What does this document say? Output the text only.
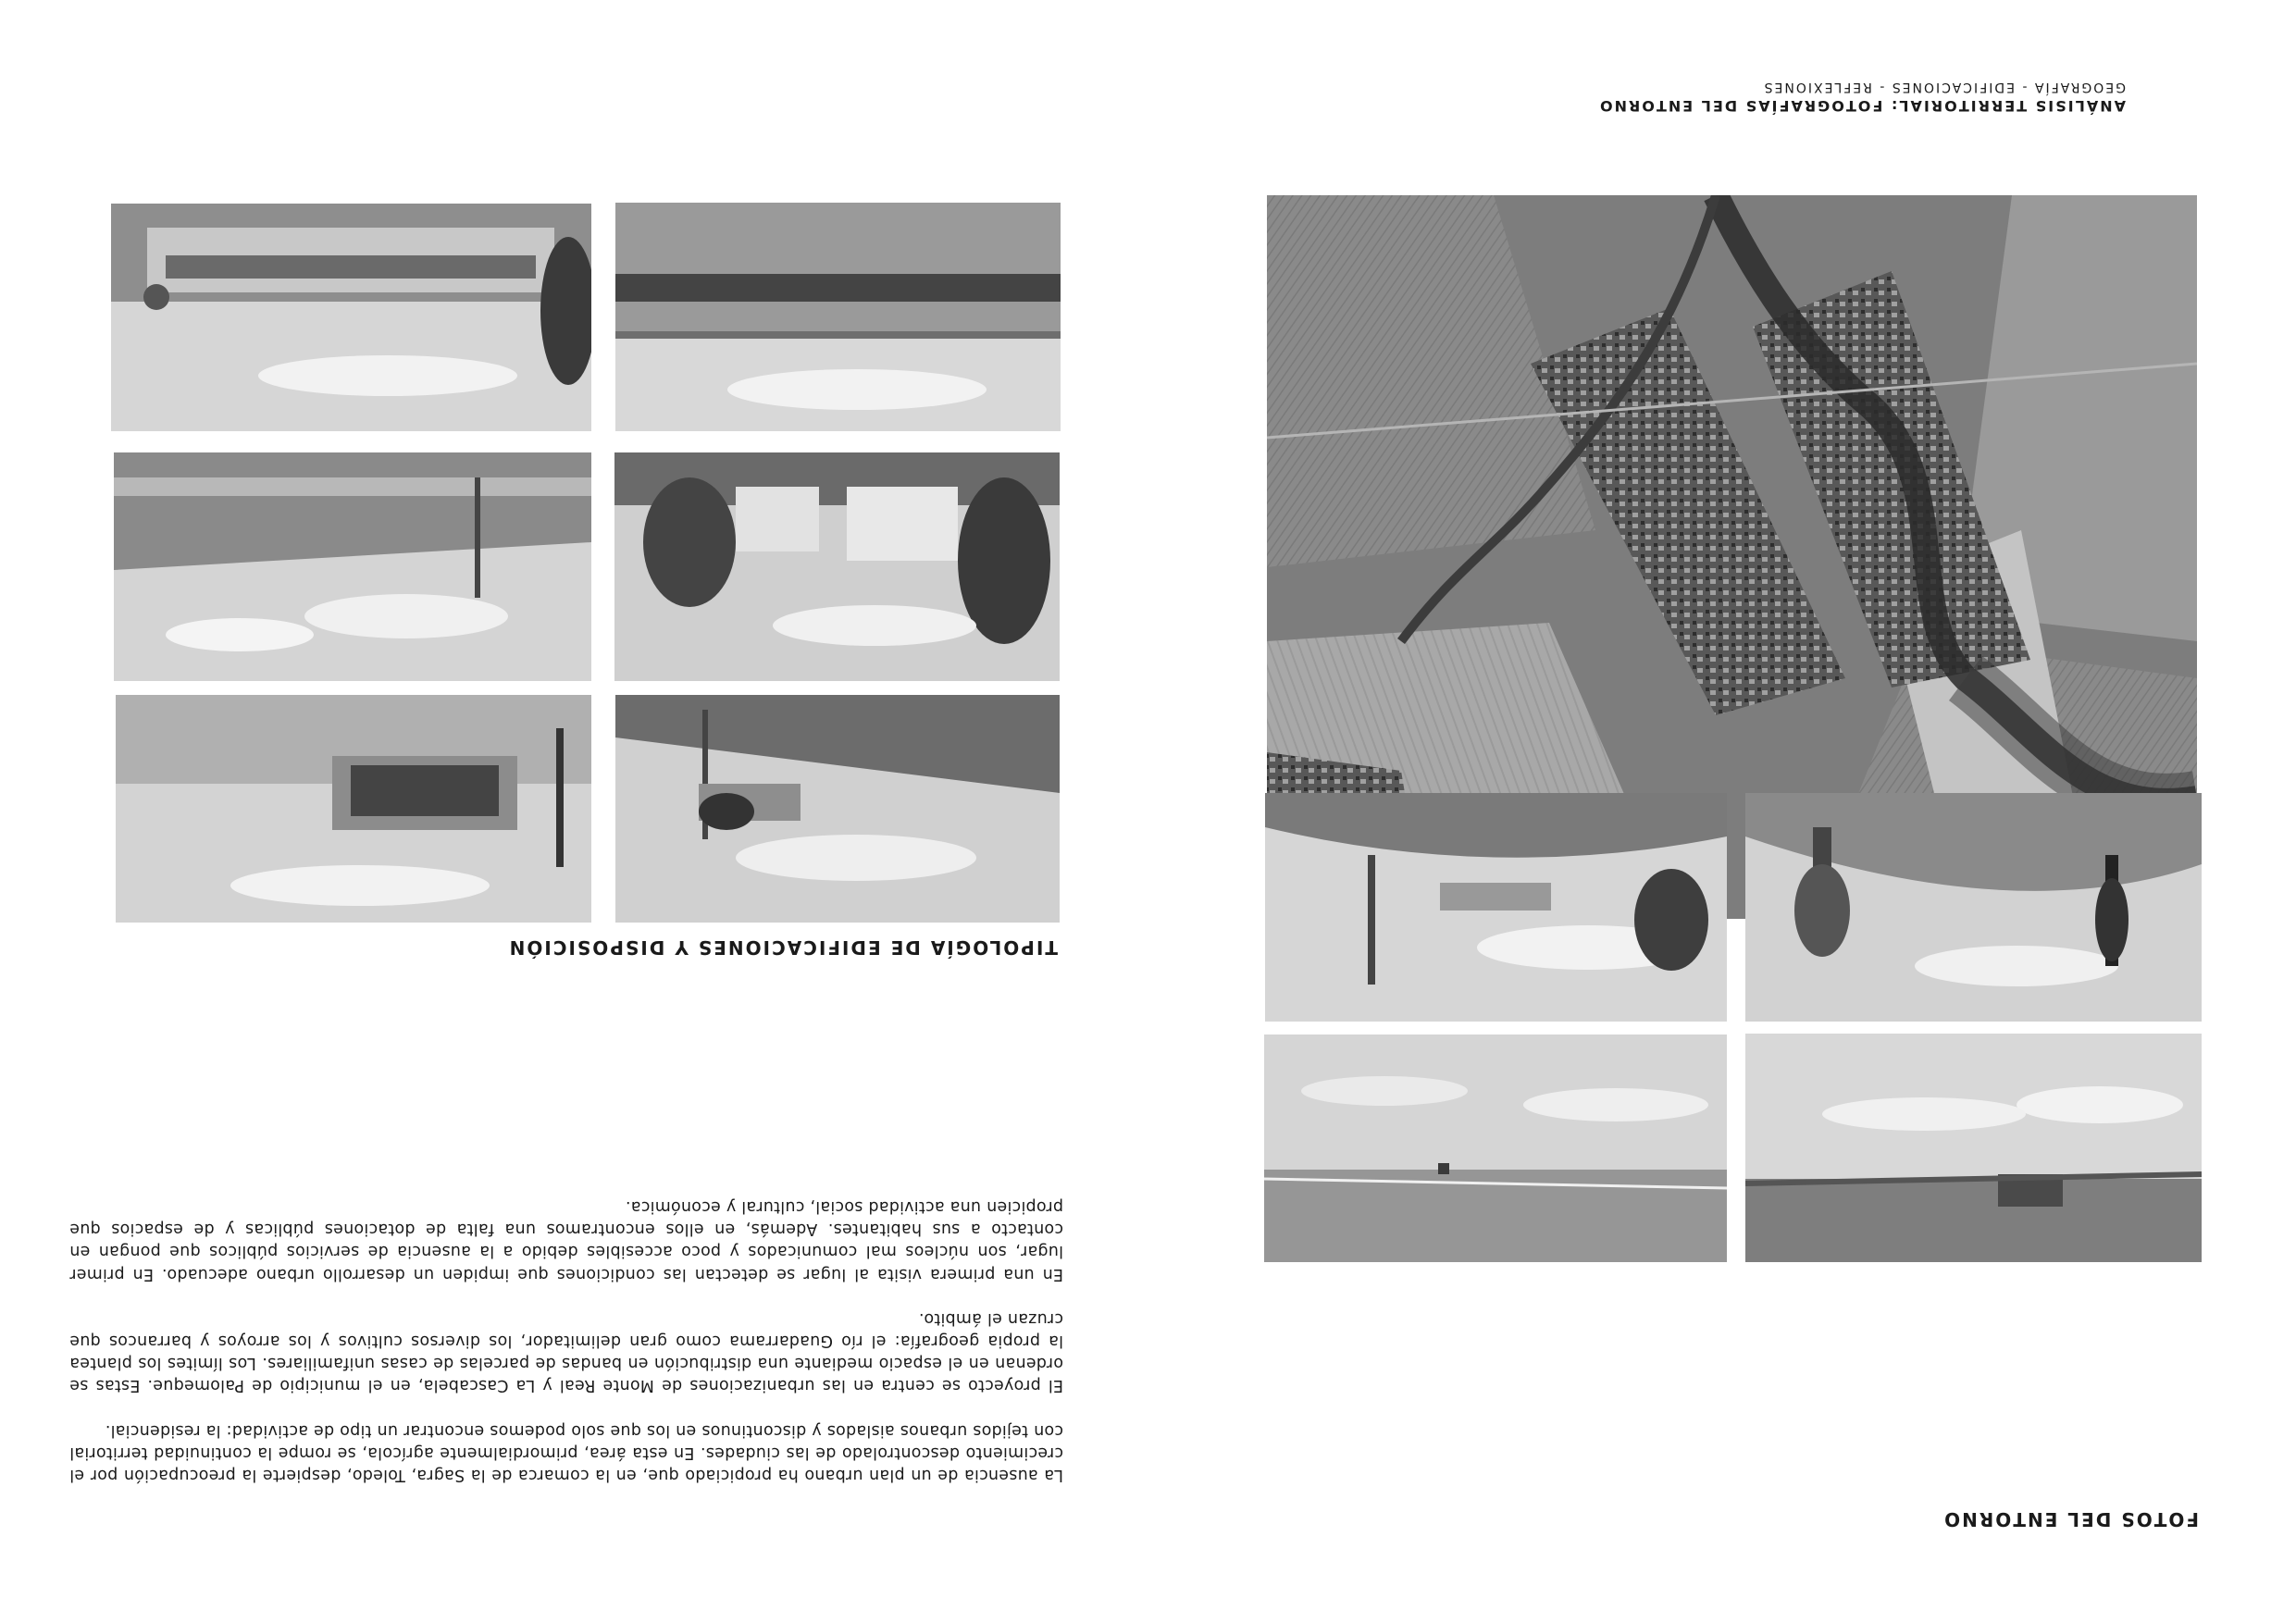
ANÁLISIS TERRITORIAL: FOTOGRAFÍAS DEL ENTORNO
GEOGRAFÍA - EDIFICACIONES - REFLEXIONES
FOTOS DEL ENTORNO
TIPOLOGÍA DE EDIFICACIONES Y DISPOSICIÓN

La ausencia de un plan urbano ha propiciado que, en la comarca de la Sagra, Toledo, despierte la preocupación por el crecimiento descontrolado de las ciudades. En esta área, primordialmente agrícola, se rompe la continuidad territorial con tejidos urbanos aislados y discontinuos en los que solo podemos encontrar un tipo de actividad: la residencial.

El proyecto se centra en las urbanizaciones de Monte Real y La Cascabela, en el municipio de Palomeque. Estas se ordenan en el espacio mediante una distribución en bandas de parcelas de casas unifamiliares. Los límites los plantea la propia geografía: el río Guadarrama como gran delimitador, los diversos cultivos y los arroyos y barrancos que cruzan el ámbito.

En una primera visita al lugar se detectan las condiciones que impiden un desarrollo urbano adecuado. En primer lugar, son núcleos mal comunicados y poco accesibles debido a la ausencia de servicios públicos que pongan en contacto a sus habitantes. Además, en ellos encontramos una falta de dotaciones públicas y de espacios que propicien una actividad social, cultural y económica.
